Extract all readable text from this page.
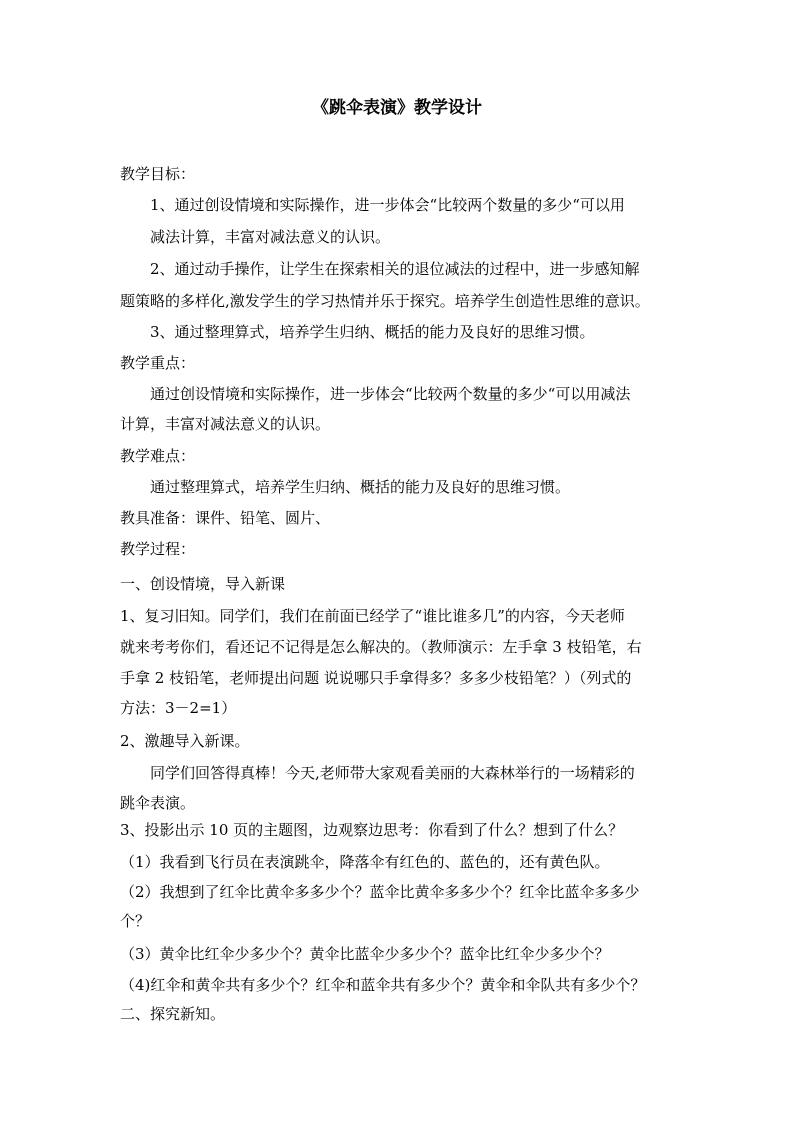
《跳伞表演》教学设计
教学目标：
1、通过创设情境和实际操作，进一步体会“比较两个数量的多少“可以用
减法计算，丰富对减法意义的认识。
2、通过动手操作，让学生在探索相关的退位减法的过程中，进一步感知解
题策略的多样化,激发学生的学习热情并乐于探究。培养学生创造性思维的意识。
3、通过整理算式，培养学生归纳、概括的能力及良好的思维习惯。
教学重点：
通过创设情境和实际操作，进一步体会“比较两个数量的多少“可以用减法
计算，丰富对减法意义的认识。
教学难点：
通过整理算式，培养学生归纳、概括的能力及良好的思维习惯。
教具准备：课件、铅笔、圆片、
教学过程：
一、创设情境，导入新课
1、复习旧知。同学们，我们在前面已经学了“谁比谁多几”的内容，今天老师
就来考考你们，看还记不记得是怎么解决的。（教师演示：左手拿 3 枝铅笔，右
手拿 2 枝铅笔，老师提出问题 说说哪只手拿得多？多多少枝铅笔？）（列式的
方法：3－2=1）
2、激趣导入新课。
同学们回答得真棒！今天,老师带大家观看美丽的大森林举行的一场精彩的
跳伞表演。
3、投影出示 10 页的主题图，边观察边思考：你看到了什么？想到了什么？
（1）我看到飞行员在表演跳伞，降落伞有红色的、蓝色的，还有黄色队。
（2）我想到了红伞比黄伞多多少个？蓝伞比黄伞多多少个？红伞比蓝伞多多少
个？
（3）黄伞比红伞少多少个？黄伞比蓝伞少多少个？蓝伞比红伞少多少个？
（4)红伞和黄伞共有多少个？红伞和蓝伞共有多少个？黄伞和伞队共有多少个？
二、探究新知。
